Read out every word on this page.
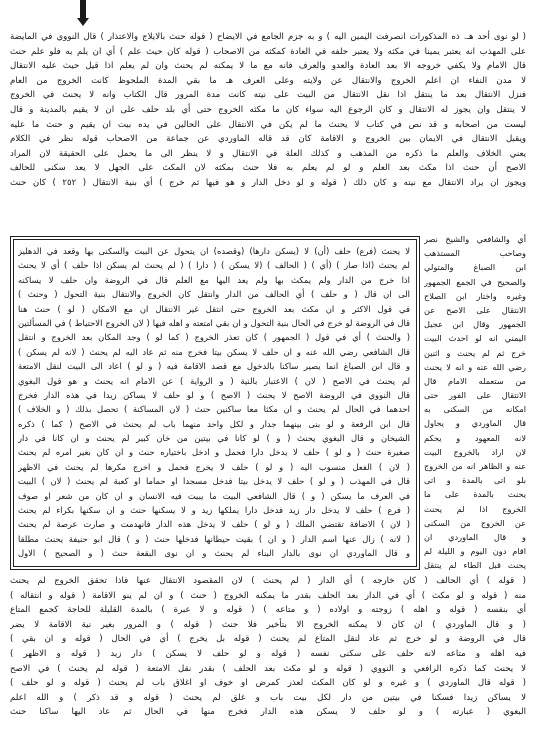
( لو نوى أحد هـ. ذه المذكورات انصرفت اليمين اليه ) و به جزم الجامع في الايضاح ( قوله حنث بالايلاج والاعتذار ) قال النووي في المايضة
على المهذب انه يعتبر يمينا في مكثه ولا يعتبر حلفه في العادة كمكثه من الاصحاب ( قوله كان حيث علم ) أي ان يلم به فلو علم حنث
قال الامام ولا يكفي خروجه الا بعد العادة والعدو والعرف فانه مع ما لا يمكنه لم يحنث وان لم يعلم اذا قيل حيث عليه الانتقال
لا مدن النفاء ان اعلم الخروج والانتقال عن ولايته وعلى العرف هـ ما بقي المدة الملحوظ كانت الخروج من العام
فنزل الانتقال بعد ما ينتقل اذا نقل الانتقال من البيت على نيته كانت مدة المرور قال الكتاب وانه لا يحنث في الخروج
لا ينتقل وان يجوز له الانتقال و كان الرجوع اليه سواء كان ما مكثه الخروج حتى أي بلد حلف على ان لا يقيم بالمدينة و قال
ليست من اصحابه و قد نص في كتاب لا يحنث ما لم يكن في الانتقال على الحالين في يده بيت ان يقيم و حنث ما عليه
ويقبل الانتقال في الايمان بين الخروج و الاقامة كان قد قاله الماوردي عن جماعة من الاصحاب قوله نظر في الكلام
يعني الخلاف والعلم ما ذكره من المذهب و كذلك العلة في الانتقال و لا ينظر الى ما يحمل على الحقيقة لان المراد
الاصح أن حنث اذا مكث بعد العلم و لو لم يعلم به فلا حنث بمكثه لان المكث على الجهل لا يعد سكنى للحالف
ويجوز ان يراد الانتقال مع نيته و كان ذلك ( قوله و لو دخل الدار و هو فيها ثم خرج ) أي بنية الانتقال ( ٢٥٢ ) كان حنث
أي والشافعي والشيخ نصر
وصاحب المستذهب
ابن الصباغ والمتولي
والصحيح في الجمع الجمهور
وغيره واختار ابن الصلاح
الانتقال على الاصح عن
الجمهور وقال ابن عجيل
اليمني انه لو احدث البيت
خرج ثم لم يحنث و اثنين
رضي الله عنه و انه لا يحنث
من ستعمله الامام قال
الانتقال على الفور حتى
امكانه من السكنى به
قال الماوردي و يحاول
لانه المعهود و يحكم
لان اراد بالخروج البيت
عنه و الظاهر انه من الخروج
بلو اتى بالمدة و اتى
يحنث بالمدة على ما
الخروج اذا لم يحنث
عن الخروج من السكنى
و قال الماوردي ان
اقام دون اليوم و الليلة لم
يحنث قبل الطاء لم ينتقل
لا يحنث (فرع) حلف (أن) لا (يسكن دارها) (وقصده) ان يتحول عن البيت والسكنى بها وقعد في الدهليز
لم يحنث (اذا صار ) (أي ) ( الحالف ) (لا يسكن ) ( دارا ) ( لم يحنث لم يسكن اذا حلف ) أي لا يحنث
اذا خرج من الدار ولم يمكث بها ولم يعد اليها مع العلم قال في الروضة وان حلف لا يساكنه
الى ان قال ( و حلف ) أي الحالف من الدار وانتقل كان الخروج والانتقال بنية التحول ( وحنث )
في قول الاكثر و ان مكث بعد الخروج حتى انتقل غير الانتقال ان مع الامكان ( لو ) حنث هنا
قال في الروضة لو خرج في الحال بنية التحول و ان بقي امتعته و اهله فيها ( لان الخروج الاحتياط ) في المسألتين
( والحنث ) أي في قول ( الجمهور ) كان تعذر الخروج ( كما لو ) وجد المكان بعد الخروج و انتقل
قال الشافعي رضي الله عنه و ان حلف لا يسكن بيتا فخرج منه ثم عاد اليه لم يحنث ( لانه لم يسكن )
و قال ابن الصباغ انما يصير ساكنا بالدخول مع قصد الاقامة فيه ( و لو ) اعاد الى البيت لنقل الامتعة
لم يحنث في الاصح ( لان ) الاعتبار بالنية ( و الرواية ) عن الامام انه يحنث و هو قول البغوي
قال النووي في الروضة الاصح لا يحنث ( الاصح ) و لو حلف لا يساكن زيدا في هذه الدار فخرج
احدهما في الحال لم يحنث و ان مكثا معا ساكنين حنث ( لان المساكنة ) تحصل بذلك ( و الخلاف )
قال ابن الرفعة و لو بنى بينهما جدار و لكل واحد منهما باب لم يحنث في الاصح ( كما ) ذكره
الشيخان و قال البغوي يحنث ( و ) لو كانا في بيتين من خان كبير لم يحنث و ان كانا في دار
صغيرة حنث ( و لو ) حلف لا يدخل دارا فحمل و ادخل باختياره حنث و ان كان بغير امره لم يحنث
( لان ) الفعل منسوب اليه ( و لو ) حلف لا يخرج فحمل و اخرج مكرها لم يحنث في الاظهر
قال في المهذب ( و لو ) حلف لا يدخل بيتا فدخل مسجدا او حماما او كعبة لم يحنث ( لان ) البيت
في العرف ما يسكن ( و ) قال الشافعي البيت ما يبيت فيه الانسان و ان كان من شعر او صوف
( فرع ) حلف لا يدخل دار زيد فدخل دارا يملكها زيد و لا يسكنها حنث و ان سكنها بكراء لم يحنث
( لان ) الاضافة تقتضي الملك ( و لو ) حلف لا يدخل هذه الدار فانهدمت و صارت عرصة لم يحنث
( لانه ) زال عنها اسم الدار ( و ان ) بقيت حيطانها فدخلها حنث ( و ) قال ابو حنيفة يحنث مطلقا
و قال الماوردي ان نوى بالدار البناء لم يحنث و ان نوى البقعة حنث ( و الصحيح ) الاول
( قوله ) أي الحالف ( كان خارجه ) أي الدار ( لم يحنث ) لان المقصود الانتقال عنها فاذا تحقق الخروج لم يحنث
منه ( قوله و لو مكث ) أي في الدار بعد الحلف بقدر ما يمكنه الخروج ( حنث ) و ان لم ينو الاقامة ( قوله و انتقاله )
أي بنفسه ( قوله و اهله ) زوجته و اولاده ( و متاعه ) ( قوله و لا عبرة ) بالمدة القليلة للحاجة كجمع المتاع
( و قال الماوردي ) ان كان لا يمكنه الخروج الا بتأخير فلا حنث ( قوله ) و المرور بغير نية الاقامة لا يضر
قال في الروضة و لو خرج ثم عاد لنقل المتاع لم يحنث ( قوله بل يخرج ) أي في الحال ( قوله و ان بقي )
فيه اهله و متاعه لانه حلف على سكنى نفسه ( قوله و لو حلف لا يسكن ) دار زيد ( قوله و الاظهر )
لا يحنث كما ذكره الرافعي و النووي ( قوله و لو مكث بعد الحلف ) بقدر نقل الامتعة ( قوله لم يحنث ) في الاصح
( قوله قال الماوردي ) و غيره و لو كان المكث لعذر كمرض او خوف او اغلاق باب لم يحنث ( قوله و لو حلف )
لا يساكن زيدا فسكنا في بيتين من دار لكل بيت باب و غلق لم يحنث ( قوله و قد ذكر ) و الله اعلم
البغوي ( عبارته ) و لو حلف لا يسكن هذه الدار فخرج منها في الحال ثم عاد اليها ساكنا حنث
